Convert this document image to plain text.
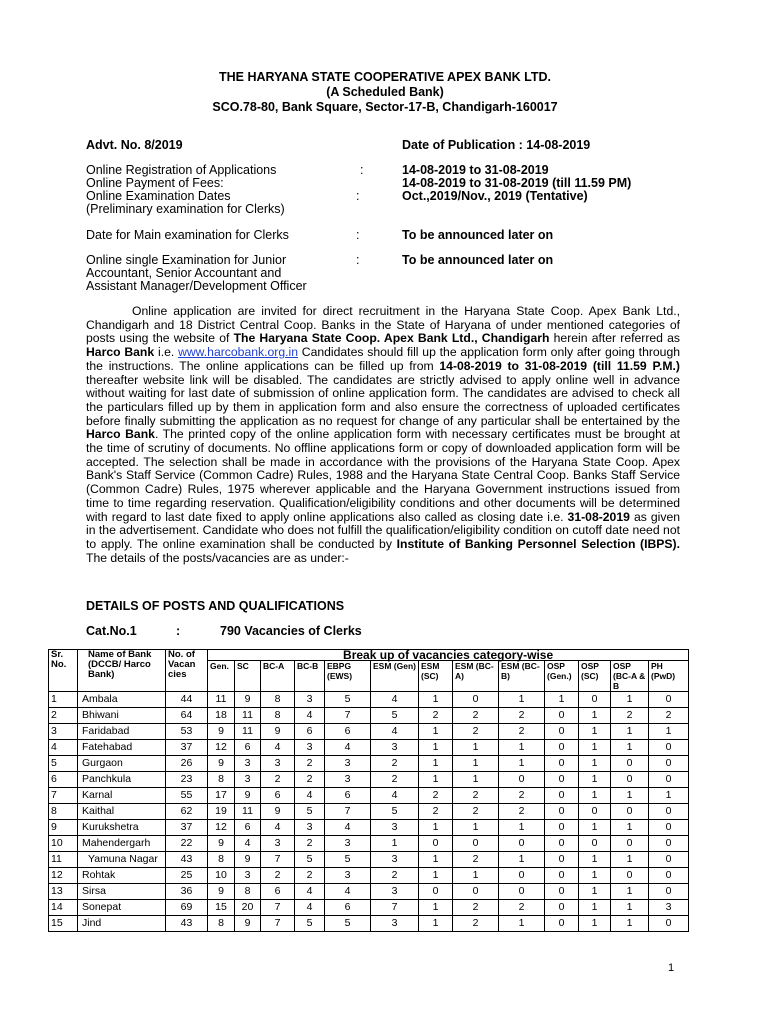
THE HARYANA STATE COOPERATIVE APEX BANK LTD.
(A Scheduled Bank)
SCO.78-80, Bank Square, Sector-17-B, Chandigarh-160017
Advt. No. 8/2019	Date of Publication : 14-08-2019
Online Registration of Applications	:	14-08-2019 to 31-08-2019
Online Payment of Fees:	14-08-2019 to 31-08-2019 (till 11.59 PM)
Online Examination Dates	:	Oct.,2019/Nov., 2019 (Tentative)
(Preliminary examination for Clerks)
Date for Main examination for Clerks	:	To be announced later on
Online single Examination for Junior	:	To be announced later on
Accountant, Senior Accountant and
Assistant Manager/Development Officer
Online application are invited for direct recruitment in the Haryana State Coop. Apex Bank Ltd., Chandigarh and 18 District Central Coop. Banks in the State of Haryana of under mentioned categories of posts using the website of The Haryana State Coop. Apex Bank Ltd., Chandigarh herein after referred as Harco Bank i.e. www.harcobank.org.in Candidates should fill up the application form only after going through the instructions. The online applications can be filled up from 14-08-2019 to 31-08-2019 (till 11.59 P.M.) thereafter website link will be disabled. The candidates are strictly advised to apply online well in advance without waiting for last date of submission of online application form. The candidates are advised to check all the particulars filled up by them in application form and also ensure the correctness of uploaded certificates before finally submitting the application as no request for change of any particular shall be entertained by the Harco Bank. The printed copy of the online application form with necessary certificates must be brought at the time of scrutiny of documents. No offline applications form or copy of downloaded application form will be accepted. The selection shall be made in accordance with the provisions of the Haryana State Coop. Apex Bank's Staff Service (Common Cadre) Rules, 1988 and the Haryana State Central Coop. Banks Staff Service (Common Cadre) Rules, 1975 wherever applicable and the Haryana Government instructions issued from time to time regarding reservation. Qualification/eligibility conditions and other documents will be determined with regard to last date fixed to apply online applications also called as closing date i.e. 31-08-2019 as given in the advertisement. Candidate who does not fulfill the qualification/eligibility condition on cutoff date need not to apply. The online examination shall be conducted by Institute of Banking Personnel Selection (IBPS). The details of the posts/vacancies are as under:-
DETAILS OF POSTS AND QUALIFICATIONS
Cat.No.1	:	790 Vacancies of Clerks
Sr. No.	Name of Bank (DCCB/ Harco Bank)	No. of Vacan cies	Break up of vacancies category-wise												
			Gen.	SC	BC-A	BC-B	EBPG (EWS)	ESM (Gen)	ESM (SC)	ESM (BC-A)	ESM (BC-B)	OSP (Gen.)	OSP (SC)	OSP (BC-A & B	PH (PwD)
1	Ambala	44	11	9	8	3	5	4	1	0	1	1	0	1	0
2	Bhiwani	64	18	11	8	4	7	5	2	2	2	0	1	2	2
3	Faridabad	53	9	11	9	6	6	4	1	2	2	0	1	1	1
4	Fatehabad	37	12	6	4	3	4	3	1	1	1	0	1	1	0
5	Gurgaon	26	9	3	3	2	3	2	1	1	1	0	1	0	0
6	Panchkula	23	8	3	2	2	3	2	1	1	0	0	1	0	0
7	Karnal	55	17	9	6	4	6	4	2	2	2	0	1	1	1
8	Kaithal	62	19	11	9	5	7	5	2	2	2	0	0	0	0
9	Kurukshetra	37	12	6	4	3	4	3	1	1	1	0	1	1	0
10	Mahendergarh	22	9	4	3	2	3	1	0	0	0	0	0	0	0
11	Yamuna Nagar	43	8	9	7	5	5	3	1	2	1	0	1	1	0
12	Rohtak	25	10	3	2	2	3	2	1	1	0	0	1	0	0
13	Sirsa	36	9	8	6	4	4	3	0	0	0	0	1	1	0
14	Sonepat	69	15	20	7	4	6	7	1	2	2	0	1	1	3
15	Jind	43	8	9	7	5	5	3	1	2	1	0	1	1	0
1
